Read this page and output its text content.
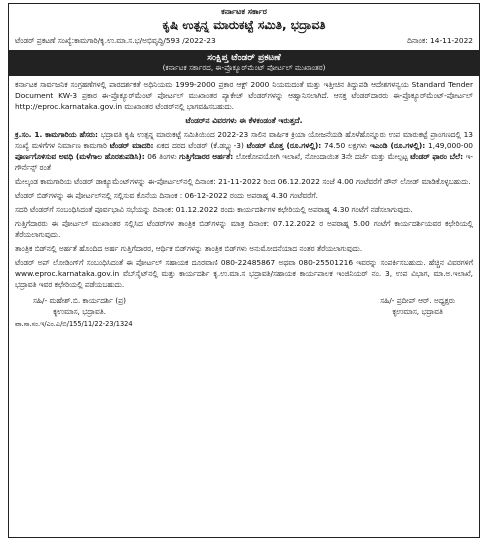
ಕರ್ನಾಟಕ ಸರ್ಕಾರ
ಕೃಷಿ ಉತ್ಪನ್ನ ಮಾರುಕಟ್ಟೆ ಸಮಿತಿ, ಭದ್ರಾವತಿ
ಟೆಂಡರ್ ಪ್ರಕಟಣೆ ಸಂಖ್ಯೆ:ಕಾಮಗಾರಿ/ಕೃ.ಉ.ಮಾ.ಸ.ಭ/ಅಭಿವೃದ್ಧಿ/593 /2022-23	ದಿನಾಂಕ: 14-11-2022
ಸಂಕ್ಷಿಪ್ತ ಟೆಂಡರ್ ಪ್ರಕಟಣೆ
(ಕರ್ನಾಟಕ ಸರ್ಕಾರದ, ಈ-ಪ್ರೊಕ್ಯೂರ್‌ಮೆಂಟ್ ಪೋರ್ಟಲ್ ಮುಖಾಂತರ)

ಕರ್ನಾಟಕ ಸಾರ್ವಜನಿಕ ಸಂಗ್ರಹಣೆಗಳಲ್ಲಿ ಪಾರದರ್ಶಕತೆ ಅಧಿನಿಯಮ 1999-2000 ಪ್ರಕಾರ ಆಕ್ಟ್ 2000 ನಿಯಮದಂತೆ ಮತ್ತು ಇತ್ತೀಚಿನ ತಿದ್ದುಪಡಿ ಆದೇಶಗಳನ್ವಯ Standard Tender Document KW-3 ಪ್ರಕಾರ ಈ-ಪ್ರೊಕ್ಯೂರ್‌ಮೆಂಟ್ ಪೋರ್ಟಲ್ ಮುಖಾಂತರ ಪ್ಯಾಕೇಜ್ ಟೆಂಡರ್‌ಗಳನ್ನು ಆಹ್ವಾನಿಸಲಾಗಿದೆ. ಆಸಕ್ತ ಟೆಂಡರ್‌ದಾರರು ಈ-ಪ್ರೊಕ್ಯೂರ್‌ಮೆಂಟ್-ಪೋರ್ಟಲ್ http://eproc.karnataka.gov.in ಮುಖಾಂತರ ಟೆಂಡರ್‌ನಲ್ಲಿ ಭಾಗವಹಿಸಬಹುದು.

ಟೆಂಡರ್‌ನ ವಿವರಗಳು ಈ ಕೆಳಕಂಡಂತೆ ಇರುತ್ತದೆ.

ಕ್ರ.ಸಂ. 1. ಕಾಮಗಾರಿಯ ಹೆಸರು: ಭದ್ರಾವತಿ ಕೃಷಿ ಉತ್ಪನ್ನ ಮಾರುಕಟ್ಟೆ ಸಮಿತಿಯಿಂದ 2022-23 ಸಾಲಿನ ವಾರ್ಷಿಕ ಕ್ರಿಯಾ ಯೋಜನೆಯಡಿ ಹೊಳೆಹೊನ್ನೂರು ಉಪ ಮಾರುಕಟ್ಟೆ ಪ್ರಾಂಗಣದಲ್ಲಿ 13 ಸಂಖ್ಯೆ ಮಳಿಗೆಗಳ ನಿರ್ಮಾಣ ಕಾಮಗಾರಿ ಟೆಂಡರ್ ಮಾದರಿ: ಏಕದ ದರದ ಟೆಂಡರ್ (ಕೆ.ಡಬ್ಲ್ಯು-3) ಟೆಂಡರ್ ಮೊತ್ತ (ರೂ.ಗಳಲ್ಲಿ): 74.50 ಲಕ್ಷಗಳು ಇಎಂಡಿ (ರೂ.ಗಳಲ್ಲಿ): 1,49,000-00 ಪೂರ್ಣಗೊಳಿಸುವ ಅವಧಿ (ಮಳೆಗಾಲ ಹೊರತುಪಡಿಸಿ): 06 ತಿಂಗಳು ಗುತ್ತಿಗೆದಾರರ ಅರ್ಹತೆ: ಲೋಕೋಪಯೋಗಿ ಇಲಾಖೆ, ನೋಂದಾಯಿತ 3ನೇ ದರ್ಜೆ ಮತ್ತು ಮೇಲ್ಪಟ್ಟ ಟೆಂಡರ್ ಫಾರಂ ಬೆಲೆ: ಇ-ಗೌರ್ನೆನ್ಸ್ ರಂತೆ

ಮೇಲ್ಕಂಡ ಕಾಮಗಾರಿಯ ಟೆಂಡರ್ ಡಾಕ್ಯೂಮೆಂಟ್‌ಗಳನ್ನು ಈ-ಪೋರ್ಟಲ್‌ನಲ್ಲಿ ದಿನಾಂಕ: 21-11-2022 ರಿಂದ 06.12.2022 ಸಂಜೆ 4.00 ಗಂಟೆವರೆಗೆ ಡೌನ್ ಲೋಡ್ ಮಾಡಿಕೊಳ್ಳಬಹುದು.

ಟೆಂಡರ್ ಬಿಡ್‌ಗಳನ್ನು ಈ ಪೋರ್ಟಲ್‌ನಲ್ಲಿ ಸಲ್ಲಿಸುವ ಕೊನೆಯ ದಿನಾಂಕ : 06-12-2022 ರಂದು ಅಪರಾಹ್ನ 4.30 ಗಂಟೆವರೆಗೆ.

ಸದರಿ ಟೆಂಡರ್‌ಗೆ ಸಂಬಂಧಿಸಿದಂತೆ ಪೂರ್ವಭಾವಿ ಸಭೆಯನ್ನು ದಿನಾಂಕ: 01.12.2022 ರಂದು ಕಾರ್ಯದರ್ಶಿಗಳ ಕಛೇರಿಯಲ್ಲಿ ಅಪರಾಹ್ನ 4.30 ಗಂಟೆಗೆ ನಡೆಸಲಾಗುವುದು.

ಗುತ್ತಿಗೆದಾರರು ಈ ಪೋರ್ಟಲ್ ಮುಖಾಂತರ ಸಲ್ಲಿಸಿದ ಟೆಂಡರ್‌ಗಳ ತಾಂತ್ರಿಕ ಬಿಡ್‌ಗಳನ್ನು ಮಾತ್ರ ದಿನಾಂಕ: 07.12.2022 ರ ಅಪರಾಹ್ನ 5.00 ಗಂಟೆಗೆ ಕಾರ್ಯದರ್ಶಿಯವರ ಕಛೇರಿಯಲ್ಲಿ ತೆರೆಯಲಾಗುವುದು.

ತಾಂತ್ರಿಕ ಬಿಡ್‌ನಲ್ಲಿ ಅರ್ಹತೆ ಹೊಂದಿದ ಅರ್ಹ ಗುತ್ತಿಗೆದಾರರ, ಆರ್ಥಿಕ ಬಿಡ್‌ಗಳನ್ನು ತಾಂತ್ರಿಕ ಬಿಡ್‌ಗಳು ಅನುಮೋದನೆಯಾದ ನಂತರ ತೆರೆಯಲಾಗುವುದು.

ಟೆಂಡರ್ ಅಪ್ ಲೋಡಿಂಗ್‌ಗೆ ಸಂಬಂಧಿಸಿದಂತೆ ಈ ಪೋರ್ಟಲ್ ಸಹಾಯಕ ದೂರವಾಣಿ 080-22485867 ಅಥವಾ 080-25501216 ಇವರನ್ನು ಸಂಪರ್ಕಿಸಬಹುದು. ಹೆಚ್ಚಿನ ವಿವರಗಳಿಗೆ www.eproc.karnataka.gov.in ವೆಬ್‌ಸೈಟ್‌ನಲ್ಲಿ ಮತ್ತು ಕಾರ್ಯದರ್ಶಿ ಕೃ.ಉ.ಮಾ.ಸ ಭದ್ರಾವತಿ/ಸಹಾಯಕ ಕಾರ್ಯಪಾಲಕ ಇಂಜಿನಿಯರ್ ನಂ. 3, ಉಪ ವಿಭಾಗ, ಮಾ.ಅ.ಇಲಾಖೆ, ಭದ್ರಾವತಿ ಇವರ ಕಛೇರಿಯಲ್ಲಿ ಪಡೆಯಬಹುದು.

ಸಹಿ/- ಮಹೇಶ್.ಬಿ. ಕಾರ್ಯದರ್ಶಿ (ಪ್ರ)
ಕೃಉಮಾಸ, ಭದ್ರಾವತಿ.
ಸಹಿ/- ಪ್ರದೀಪ್ ಆರ್. ಅಧ್ಯಕ್ಷರು
ಕೃಉಮಾಸ, ಭದ್ರಾವತಿ
ವಾ.ಸಾ.ಸಂ.ಇ/ಎಂ.ಎ/ಬಿ/155/11/22-23/1324
